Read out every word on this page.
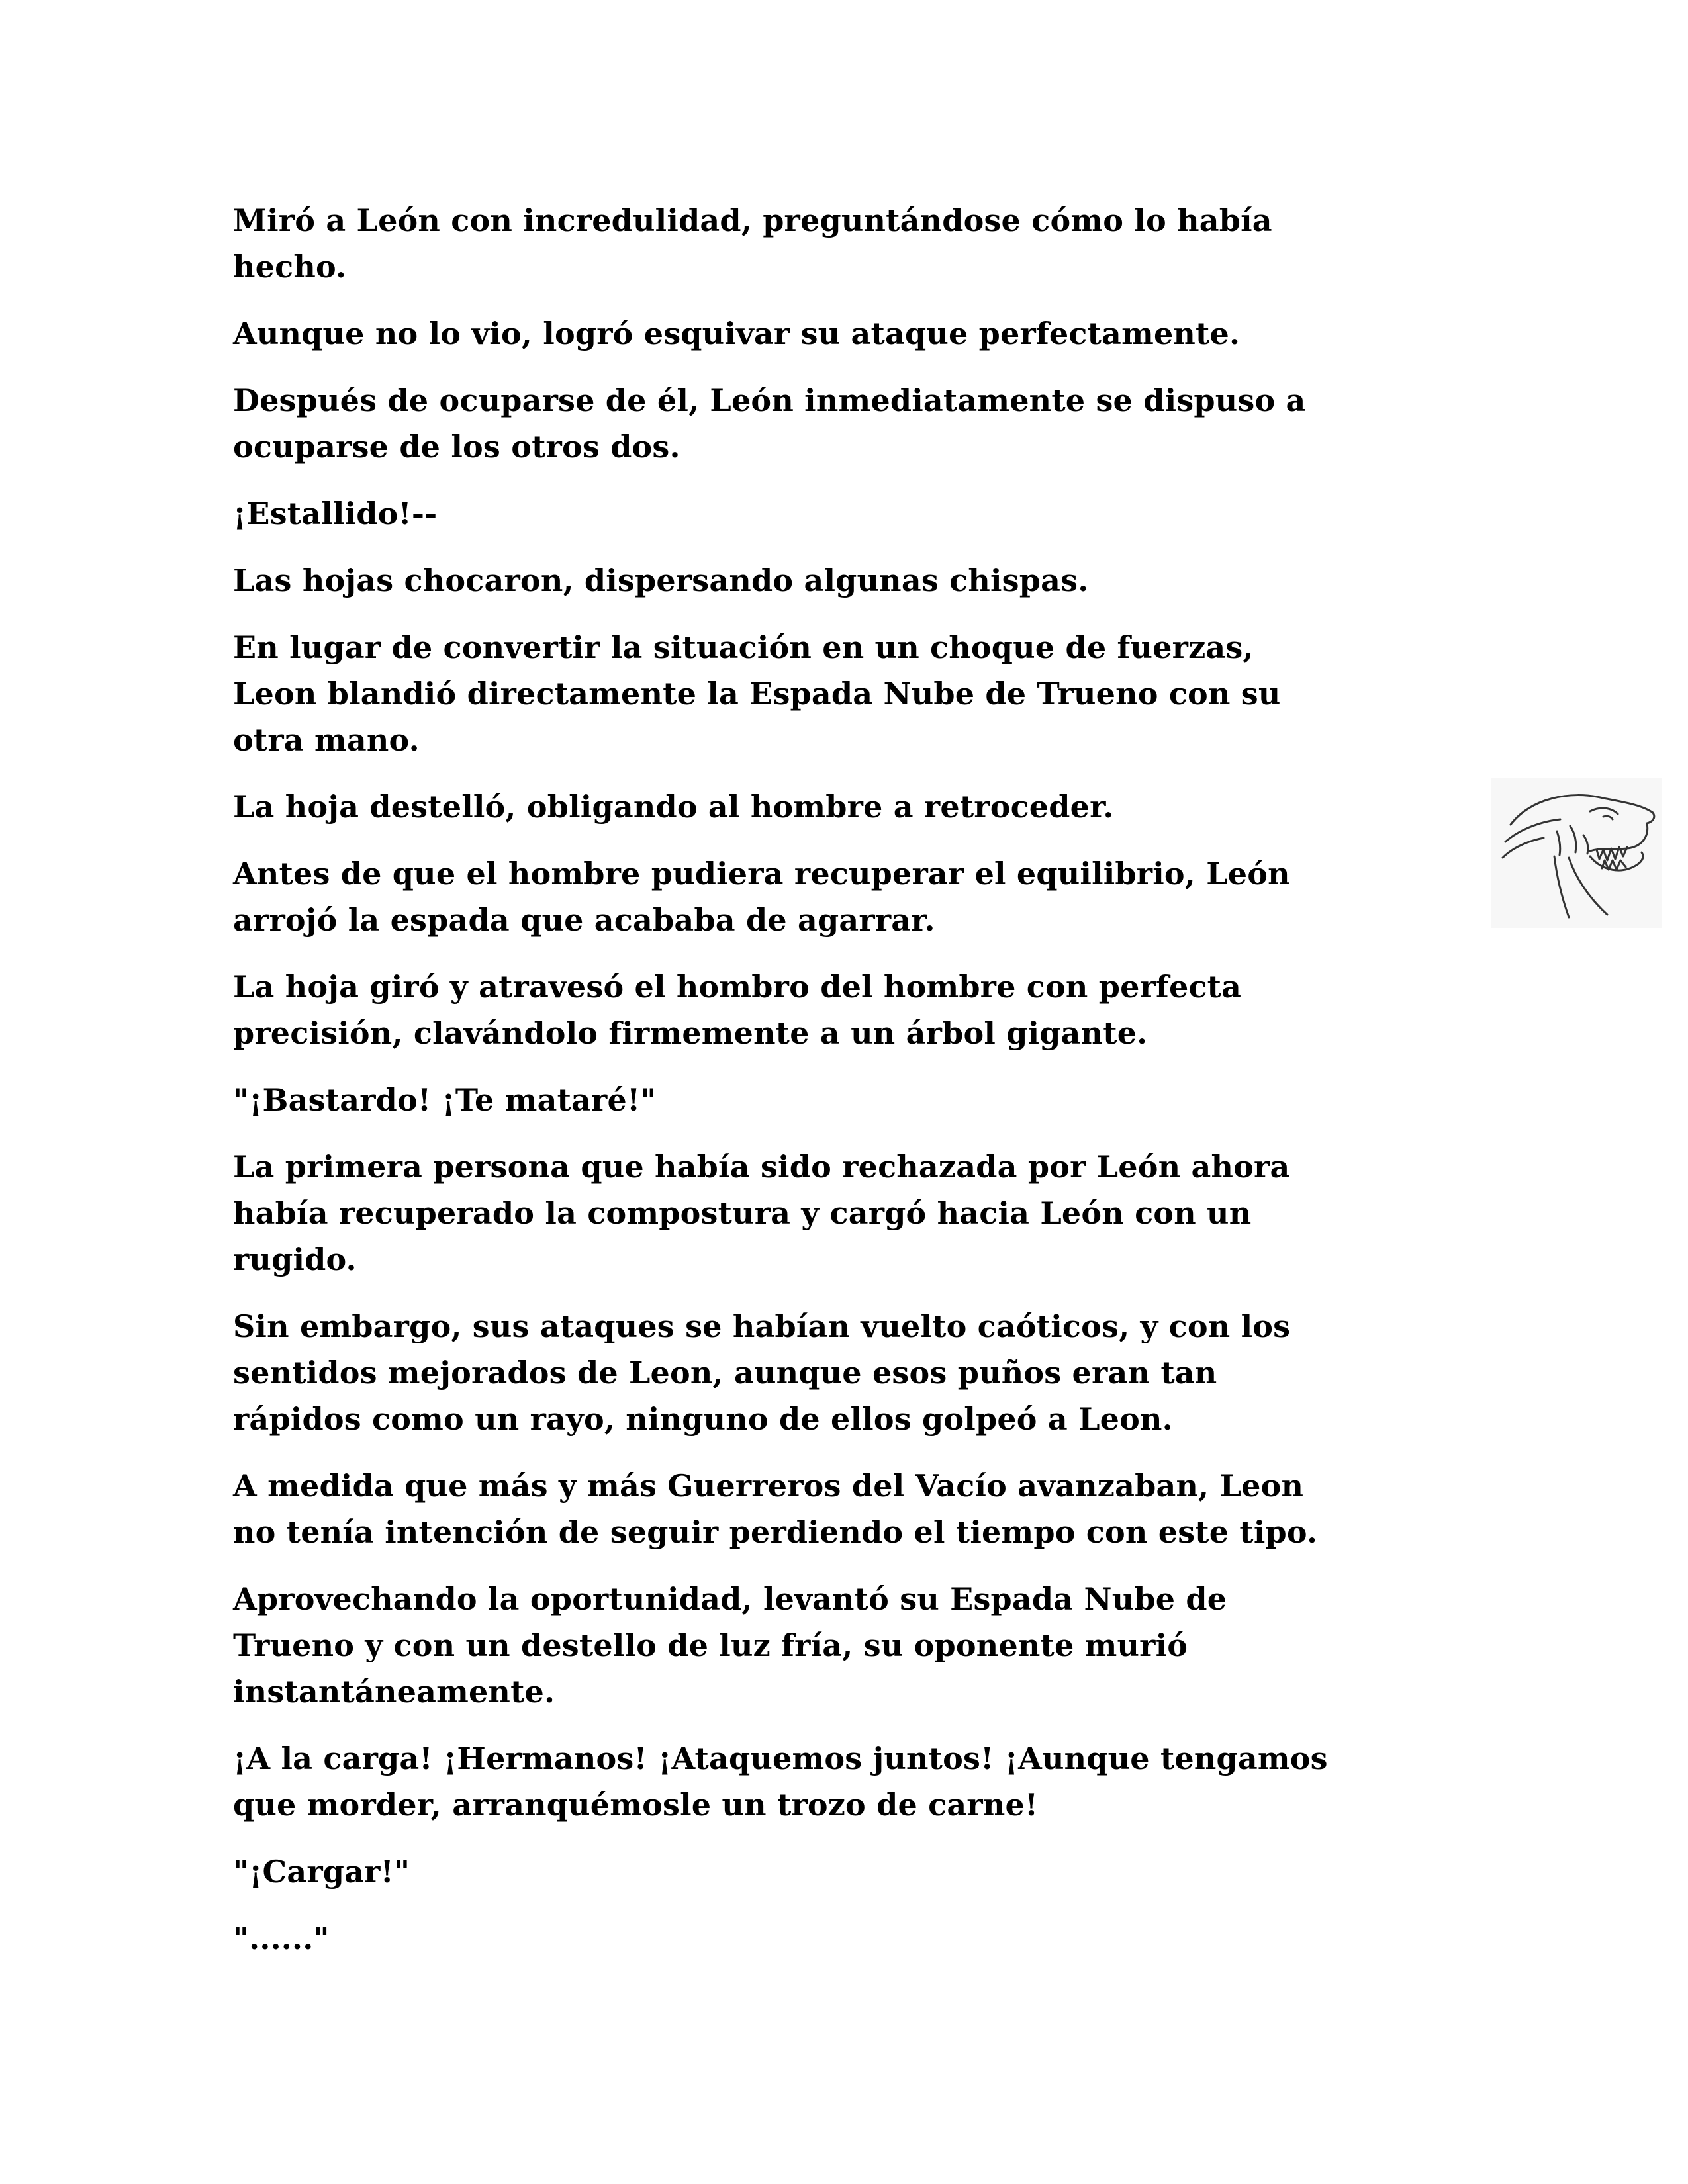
Miró a León con incredulidad, preguntándose cómo lo había
hecho.

Aunque no lo vio, logró esquivar su ataque perfectamente.

Después de ocuparse de él, León inmediatamente se dispuso a
ocuparse de los otros dos.

¡Estallido!--

Las hojas chocaron, dispersando algunas chispas.

En lugar de convertir la situación en un choque de fuerzas,
Leon blandió directamente la Espada Nube de Trueno con su
otra mano.

La hoja destelló, obligando al hombre a retroceder.

Antes de que el hombre pudiera recuperar el equilibrio, León
arrojó la espada que acababa de agarrar.

La hoja giró y atravesó el hombro del hombre con perfecta
precisión, clavándolo firmemente a un árbol gigante.

"¡Bastardo! ¡Te mataré!"

La primera persona que había sido rechazada por León ahora
había recuperado la compostura y cargó hacia León con un
rugido.

Sin embargo, sus ataques se habían vuelto caóticos, y con los
sentidos mejorados de Leon, aunque esos puños eran tan
rápidos como un rayo, ninguno de ellos golpeó a Leon.

A medida que más y más Guerreros del Vacío avanzaban, Leon
no tenía intención de seguir perdiendo el tiempo con este tipo.

Aprovechando la oportunidad, levantó su Espada Nube de
Trueno y con un destello de luz fría, su oponente murió
instantáneamente.

¡A la carga! ¡Hermanos! ¡Ataquemos juntos! ¡Aunque tengamos
que morder, arranquémosle un trozo de carne!

"¡Cargar!"

"......"
